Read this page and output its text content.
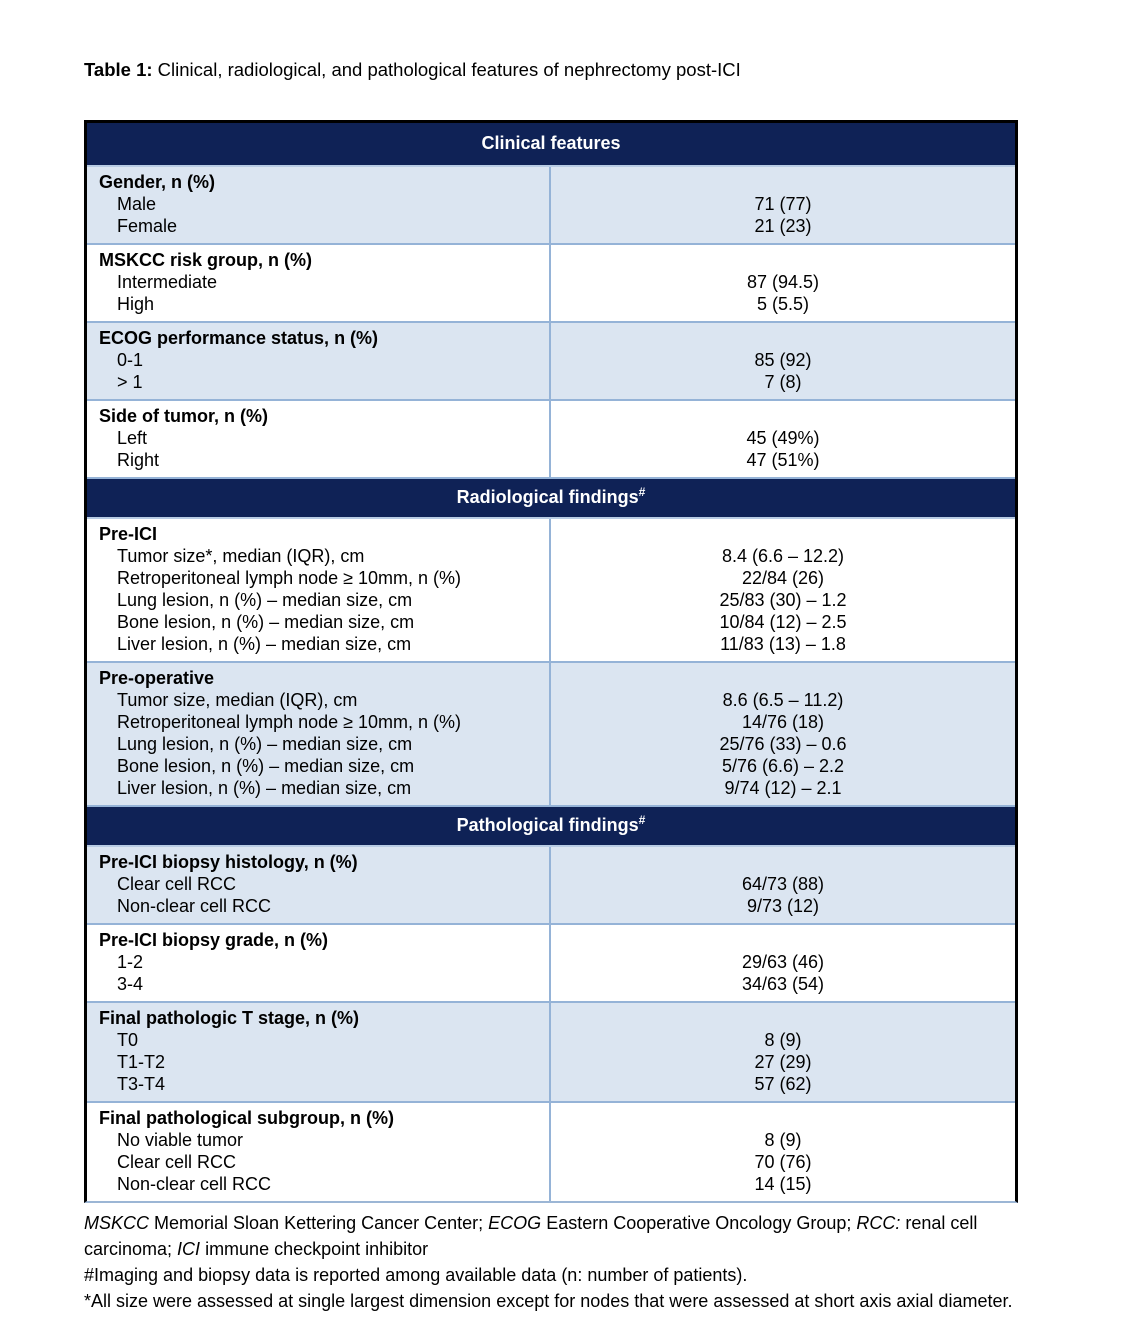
Table 1: Clinical, radiological, and pathological features of nephrectomy post-ICI

Clinical features
Gender, n (%)
Male	71 (77)
Female	21 (23)
MSKCC risk group, n (%)
Intermediate	87 (94.5)
High	5 (5.5)
ECOG performance status, n (%)
0-1	85 (92)
> 1	7 (8)
Side of tumor, n (%)
Left	45 (49%)
Right	47 (51%)
Radiological findings#
Pre-ICI
Tumor size*, median (IQR), cm	8.4 (6.6 – 12.2)
Retroperitoneal lymph node ≥ 10mm, n (%)	22/84 (26)
Lung lesion, n (%) – median size, cm	25/83 (30) – 1.2
Bone lesion, n (%) – median size, cm	10/84 (12) – 2.5
Liver lesion, n (%) – median size, cm	11/83 (13) – 1.8
Pre-operative
Tumor size, median (IQR), cm	8.6 (6.5 – 11.2)
Retroperitoneal lymph node ≥ 10mm, n (%)	14/76 (18)
Lung lesion, n (%) – median size, cm	25/76 (33) – 0.6
Bone lesion, n (%) – median size, cm	5/76 (6.6) – 2.2
Liver lesion, n (%) – median size, cm	9/74 (12) – 2.1
Pathological findings#
Pre-ICI biopsy histology, n (%)
Clear cell RCC	64/73 (88)
Non-clear cell RCC	9/73 (12)
Pre-ICI biopsy grade, n (%)
1-2	29/63 (46)
3-4	34/63 (54)
Final pathologic T stage, n (%)
T0	8 (9)
T1-T2	27 (29)
T3-T4	57 (62)
Final pathological subgroup, n (%)
No viable tumor	8 (9)
Clear cell RCC	70 (76)
Non-clear cell RCC	14 (15)

MSKCC Memorial Sloan Kettering Cancer Center; ECOG Eastern Cooperative Oncology Group; RCC: renal cell carcinoma; ICI immune checkpoint inhibitor

#Imaging and biopsy data is reported among available data (n: number of patients).

*All size were assessed at single largest dimension except for nodes that were assessed at short axis axial diameter.
